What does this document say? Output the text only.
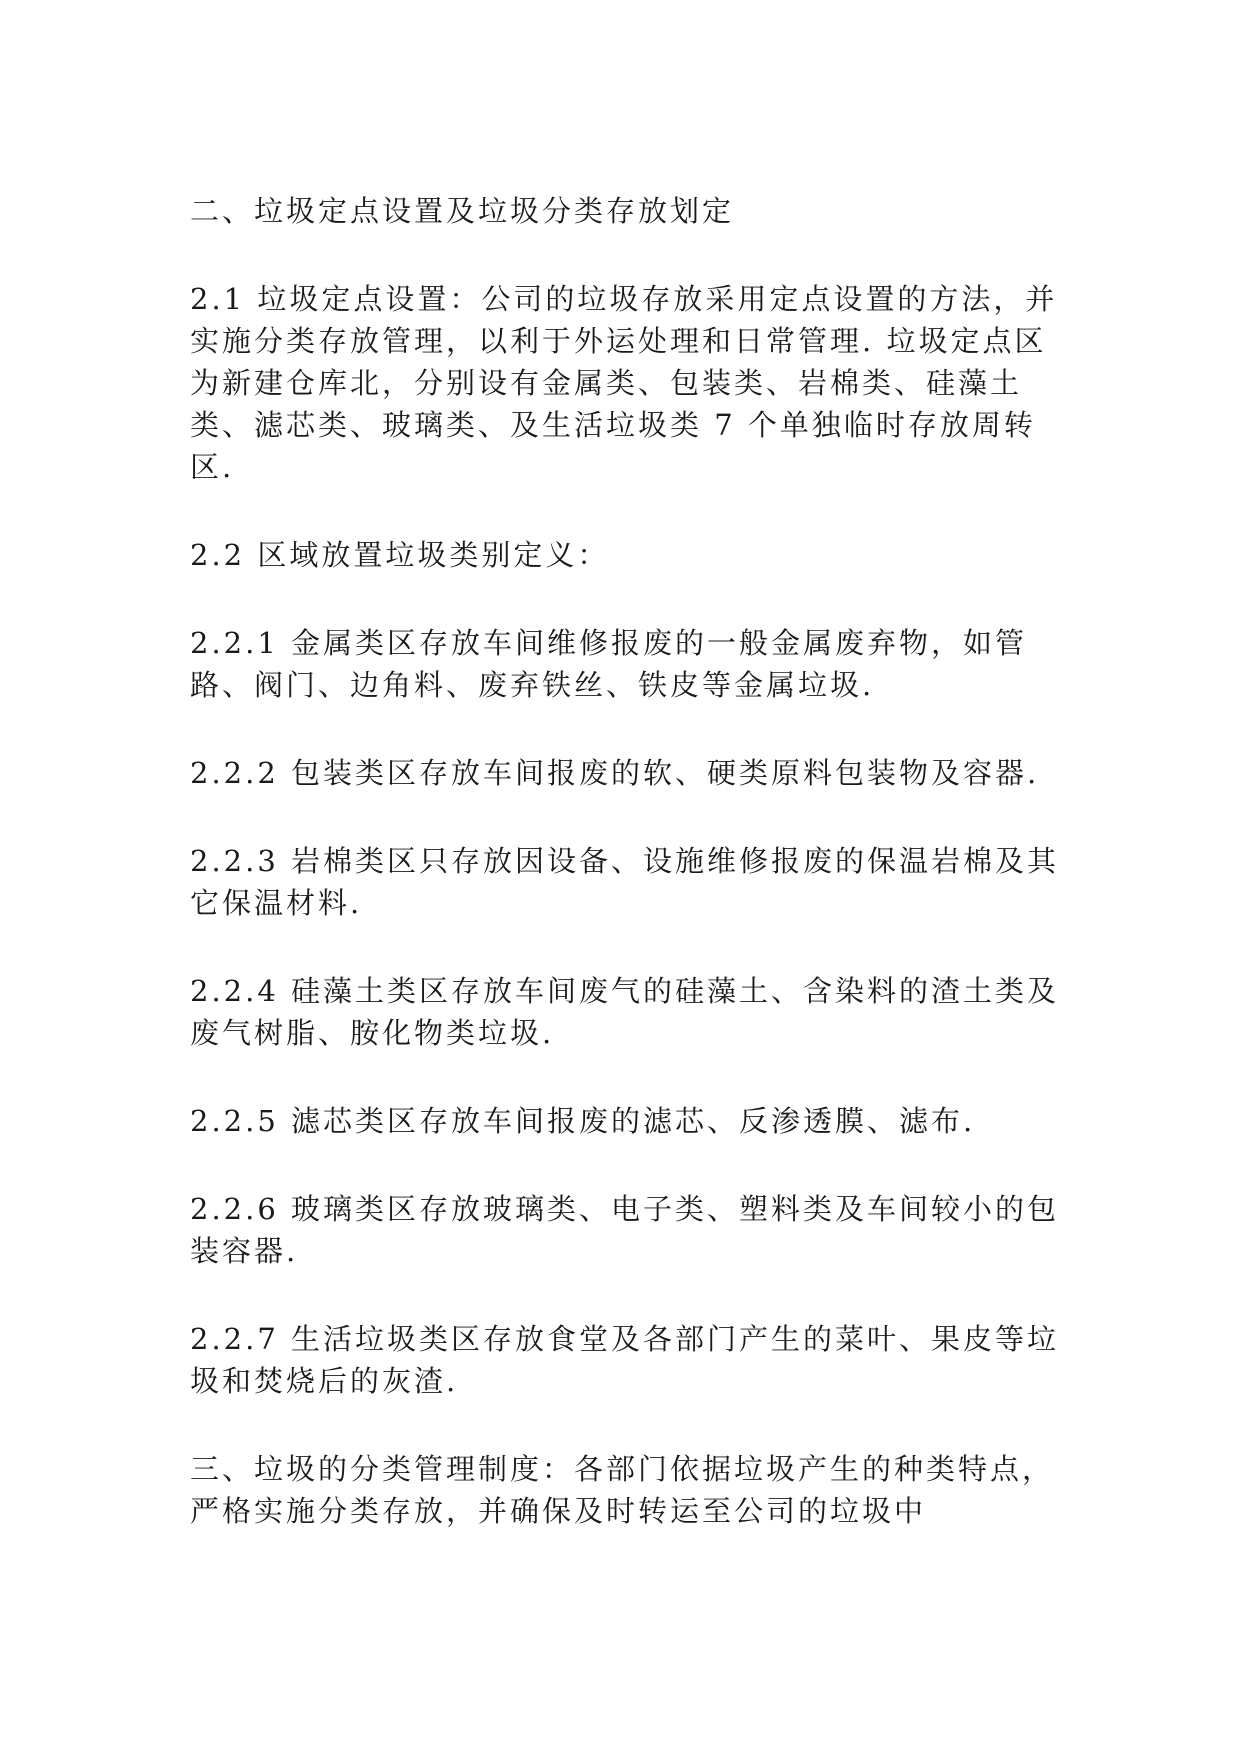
二、垃圾定点设置及垃圾分类存放划定

2.1 垃圾定点设置：公司的垃圾存放采用定点设置的方法，并实施分类存放管理，以利于外运处理和日常管理. 垃圾定点区为新建仓库北，分别设有金属类、包装类、岩棉类、硅藻土类、滤芯类、玻璃类、及生活垃圾类 7 个单独临时存放周转区.

2.2 区域放置垃圾类别定义：

2.2.1 金属类区存放车间维修报废的一般金属废弃物，如管路、阀门、边角料、废弃铁丝、铁皮等金属垃圾.

2.2.2 包装类区存放车间报废的软、硬类原料包装物及容器.

2.2.3 岩棉类区只存放因设备、设施维修报废的保温岩棉及其它保温材料.

2.2.4 硅藻土类区存放车间废气的硅藻土、含染料的渣土类及废气树脂、胺化物类垃圾.

2.2.5 滤芯类区存放车间报废的滤芯、反渗透膜、滤布.

2.2.6 玻璃类区存放玻璃类、电子类、塑料类及车间较小的包装容器.

2.2.7 生活垃圾类区存放食堂及各部门产生的菜叶、果皮等垃圾和焚烧后的灰渣.

三、垃圾的分类管理制度：各部门依据垃圾产生的种类特点，严格实施分类存放，并确保及时转运至公司的垃圾中
